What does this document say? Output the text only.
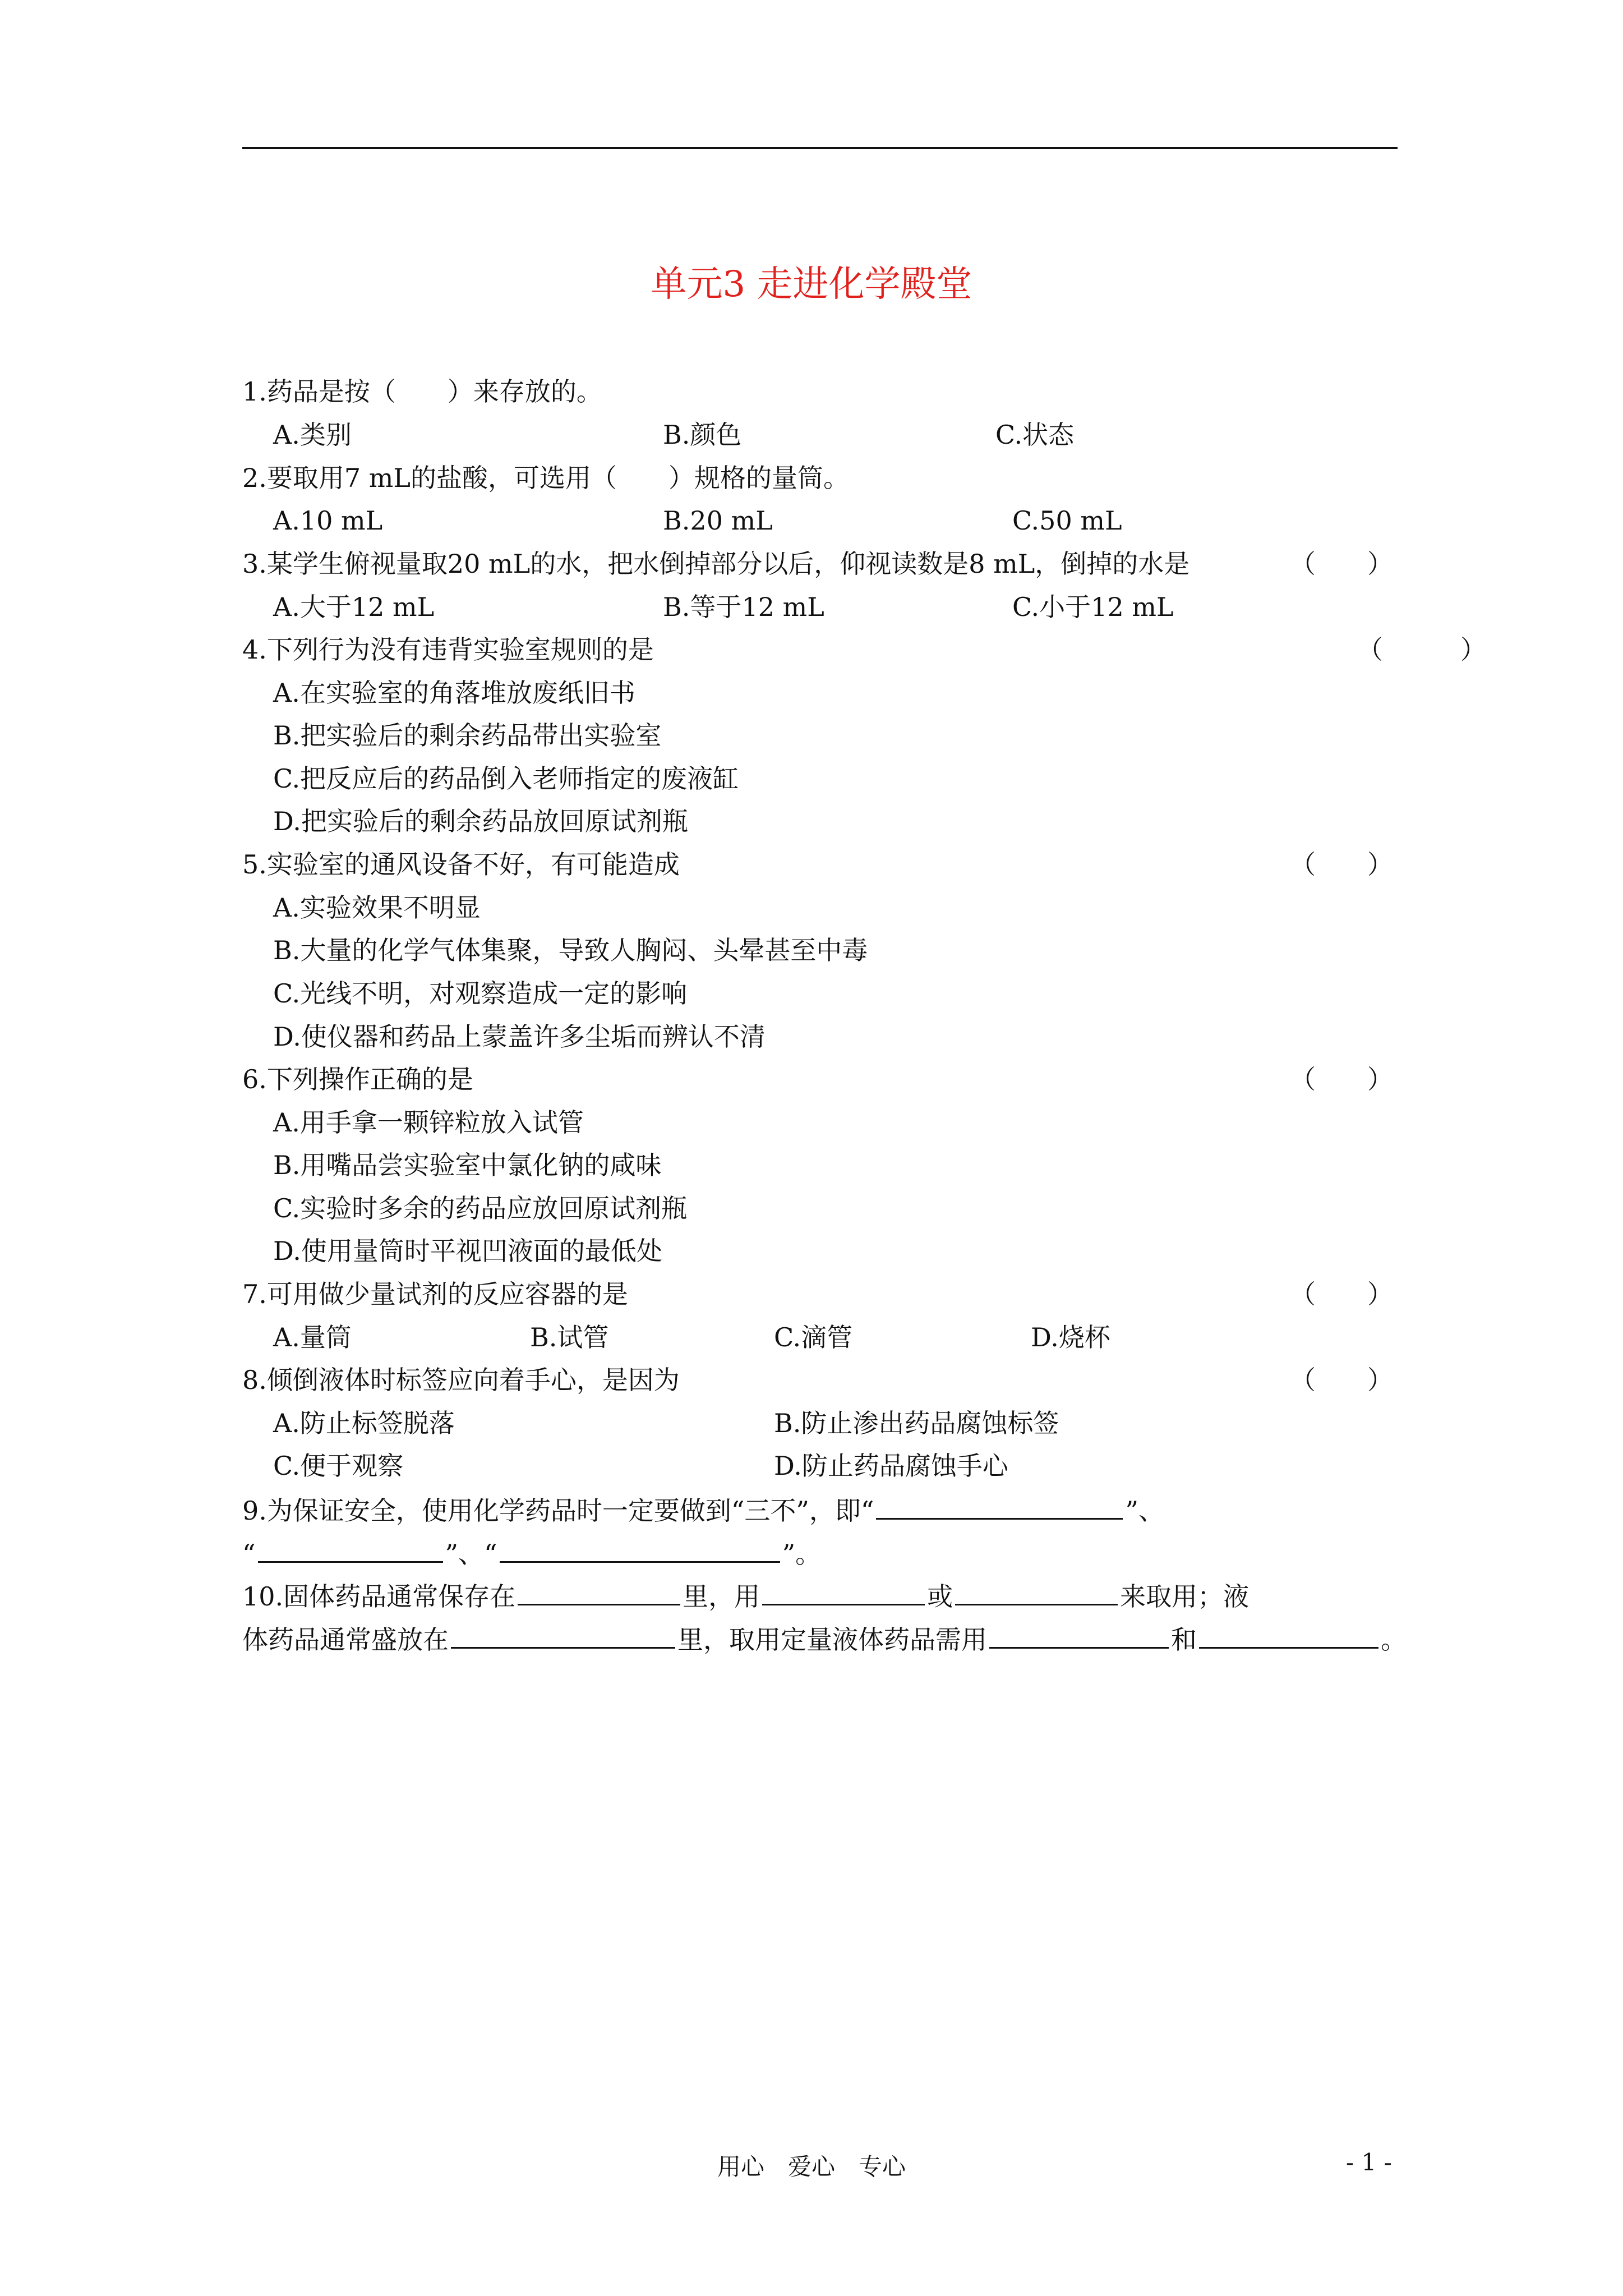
单元3 走进化学殿堂
1.药品是按（　　）来存放的。
A.类别	B.颜色	C.状态
2.要取用7 mL的盐酸，可选用（　　）规格的量筒。
A.10 mL	B.20 mL	C.50 mL
3.某学生俯视量取20 mL的水，把水倒掉部分以后，仰视读数是8 mL，倒掉的水是	（　　）
A.大于12 mL	B.等于12 mL	C.小于12 mL
4.下列行为没有违背实验室规则的是	（　　　）
A.在实验室的角落堆放废纸旧书
B.把实验后的剩余药品带出实验室
C.把反应后的药品倒入老师指定的废液缸
D.把实验后的剩余药品放回原试剂瓶
5.实验室的通风设备不好，有可能造成	（　　）
A.实验效果不明显
B.大量的化学气体集聚，导致人胸闷、头晕甚至中毒
C.光线不明，对观察造成一定的影响
D.使仪器和药品上蒙盖许多尘垢而辨认不清
6.下列操作正确的是	（　　）
A.用手拿一颗锌粒放入试管
B.用嘴品尝实验室中氯化钠的咸味
C.实验时多余的药品应放回原试剂瓶
D.使用量筒时平视凹液面的最低处
7.可用做少量试剂的反应容器的是	（　　）
A.量筒	B.试管	C.滴管	D.烧杯
8.倾倒液体时标签应向着手心，是因为	（　　）
A.防止标签脱落	B.防止渗出药品腐蚀标签
C.便于观察	D.防止药品腐蚀手心
9.为保证安全，使用化学药品时一定要做到“三不”，即“	”、
“	”、“	”。
10.固体药品通常保存在	里，用	或	来取用；液
体药品通常盛放在	里，取用定量液体药品需用	和	。
用心　爱心　专心	- 1 -
